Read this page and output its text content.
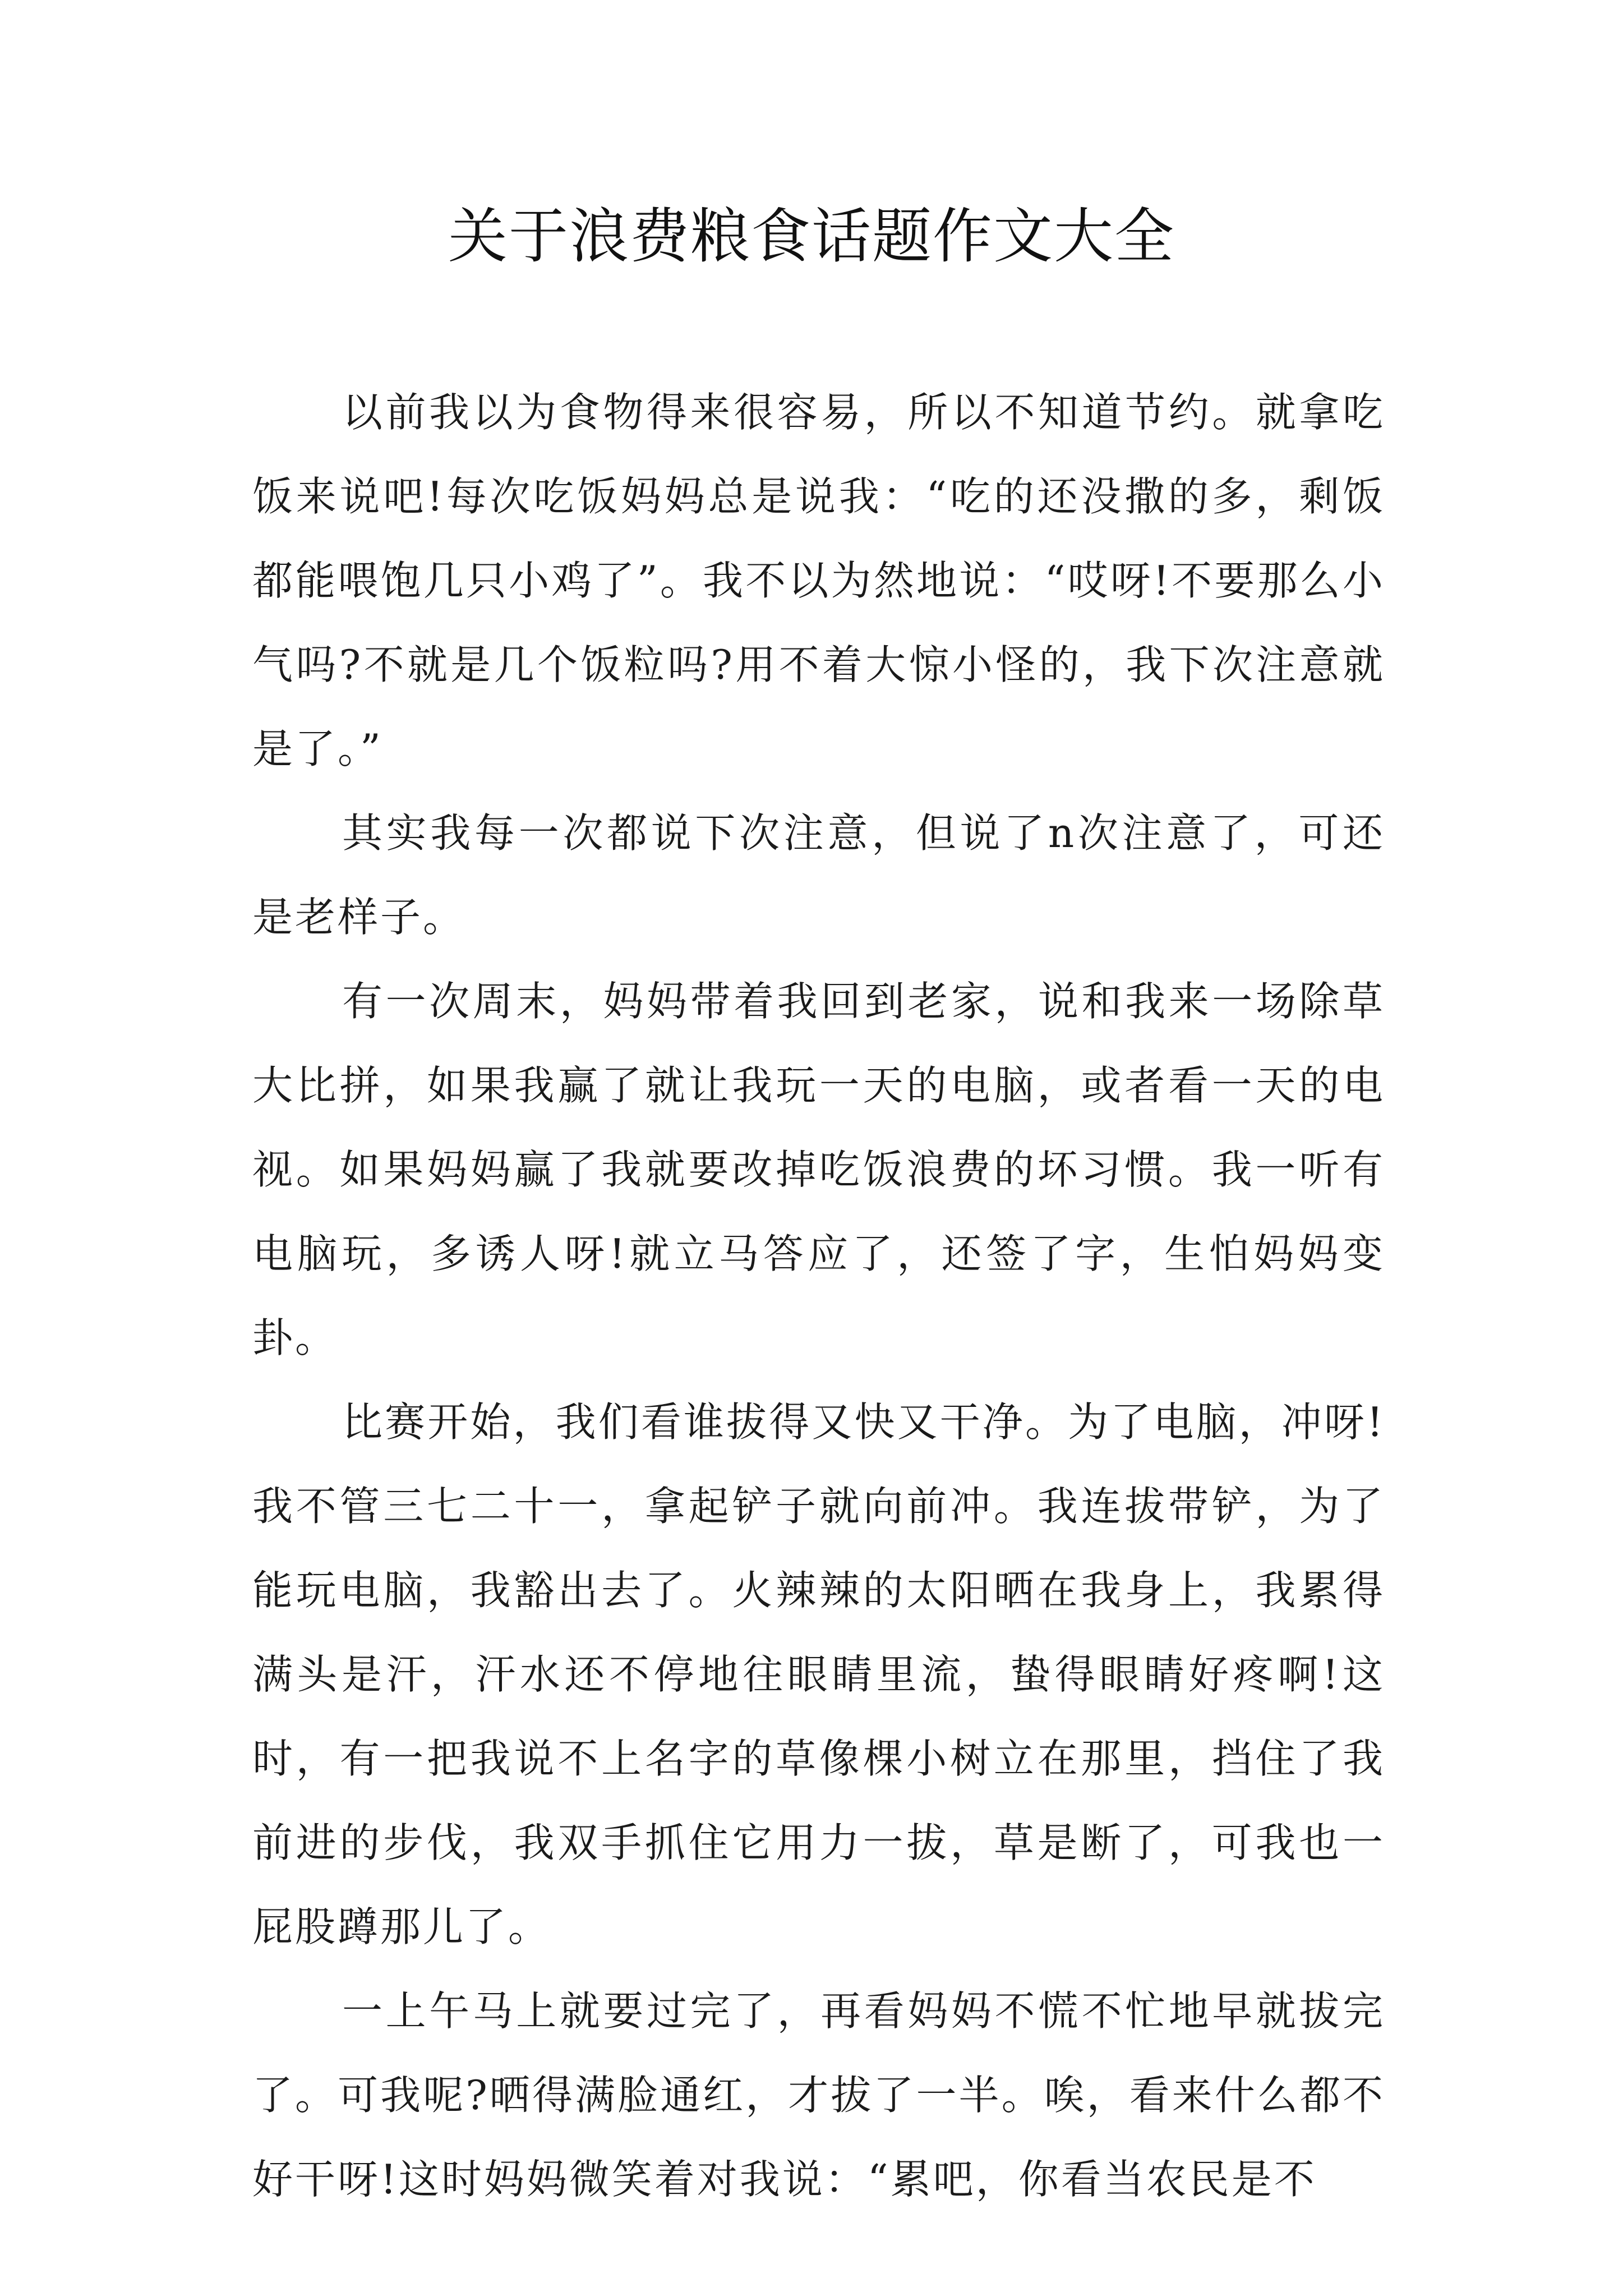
关于浪费粮食话题作文大全

以前我以为食物得来很容易，所以不知道节约。就拿吃饭来说吧!每次吃饭妈妈总是说我：“吃的还没撒的多，剩饭都能喂饱几只小鸡了”。我不以为然地说：“哎呀!不要那么小气吗?不就是几个饭粒吗?用不着大惊小怪的，我下次注意就是了。”

其实我每一次都说下次注意，但说了n次注意了，可还是老样子。

有一次周末，妈妈带着我回到老家，说和我来一场除草大比拼，如果我赢了就让我玩一天的电脑，或者看一天的电视。如果妈妈赢了我就要改掉吃饭浪费的坏习惯。我一听有电脑玩，多诱人呀!就立马答应了，还签了字，生怕妈妈变卦。

比赛开始，我们看谁拔得又快又干净。为了电脑，冲呀!我不管三七二十一，拿起铲子就向前冲。我连拔带铲，为了能玩电脑，我豁出去了。火辣辣的太阳晒在我身上，我累得满头是汗，汗水还不停地往眼睛里流，蛰得眼睛好疼啊!这时，有一把我说不上名字的草像棵小树立在那里，挡住了我前进的步伐，我双手抓住它用力一拔，草是断了，可我也一屁股蹲那儿了。

一上午马上就要过完了，再看妈妈不慌不忙地早就拔完了。可我呢?晒得满脸通红，才拔了一半。唉，看来什么都不好干呀!这时妈妈微笑着对我说：“累吧，你看当农民是不
